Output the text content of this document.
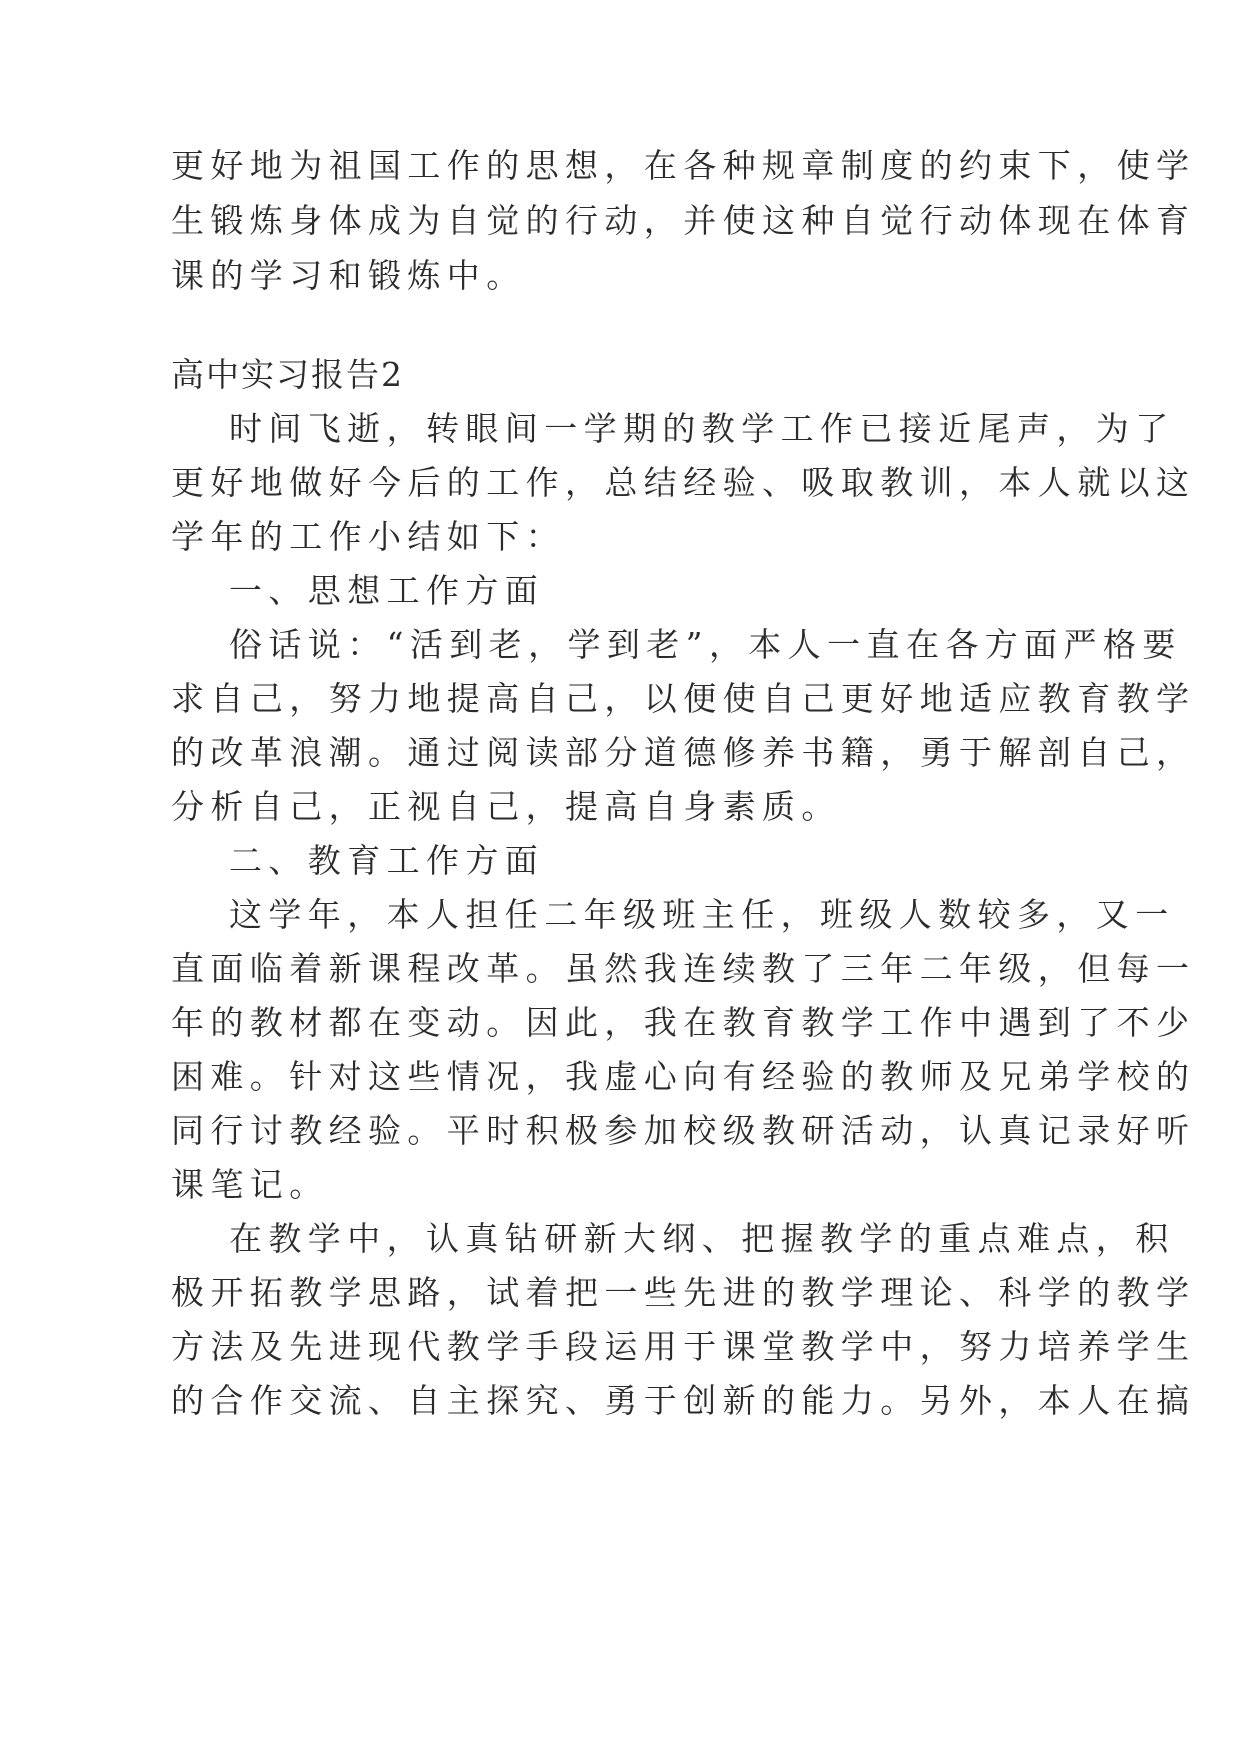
更好地为祖国工作的思想，在各种规章制度的约束下，使学
生锻炼身体成为自觉的行动，并使这种自觉行动体现在体育
课的学习和锻炼中。
高中实习报告2
时间飞逝，转眼间一学期的教学工作已接近尾声，为了
更好地做好今后的工作，总结经验、吸取教训，本人就以这
学年的工作小结如下：
一、思想工作方面
俗话说：“活到老，学到老”，本人一直在各方面严格要
求自己，努力地提高自己，以便使自己更好地适应教育教学
的改革浪潮。通过阅读部分道德修养书籍，勇于解剖自己，
分析自己，正视自己，提高自身素质。
二、教育工作方面
这学年，本人担任二年级班主任，班级人数较多，又一
直面临着新课程改革。虽然我连续教了三年二年级，但每一
年的教材都在变动。因此，我在教育教学工作中遇到了不少
困难。针对这些情况，我虚心向有经验的教师及兄弟学校的
同行讨教经验。平时积极参加校级教研活动，认真记录好听
课笔记。
在教学中，认真钻研新大纲、把握教学的重点难点，积
极开拓教学思路，试着把一些先进的教学理论、科学的教学
方法及先进现代教学手段运用于课堂教学中，努力培养学生
的合作交流、自主探究、勇于创新的能力。另外，本人在搞
